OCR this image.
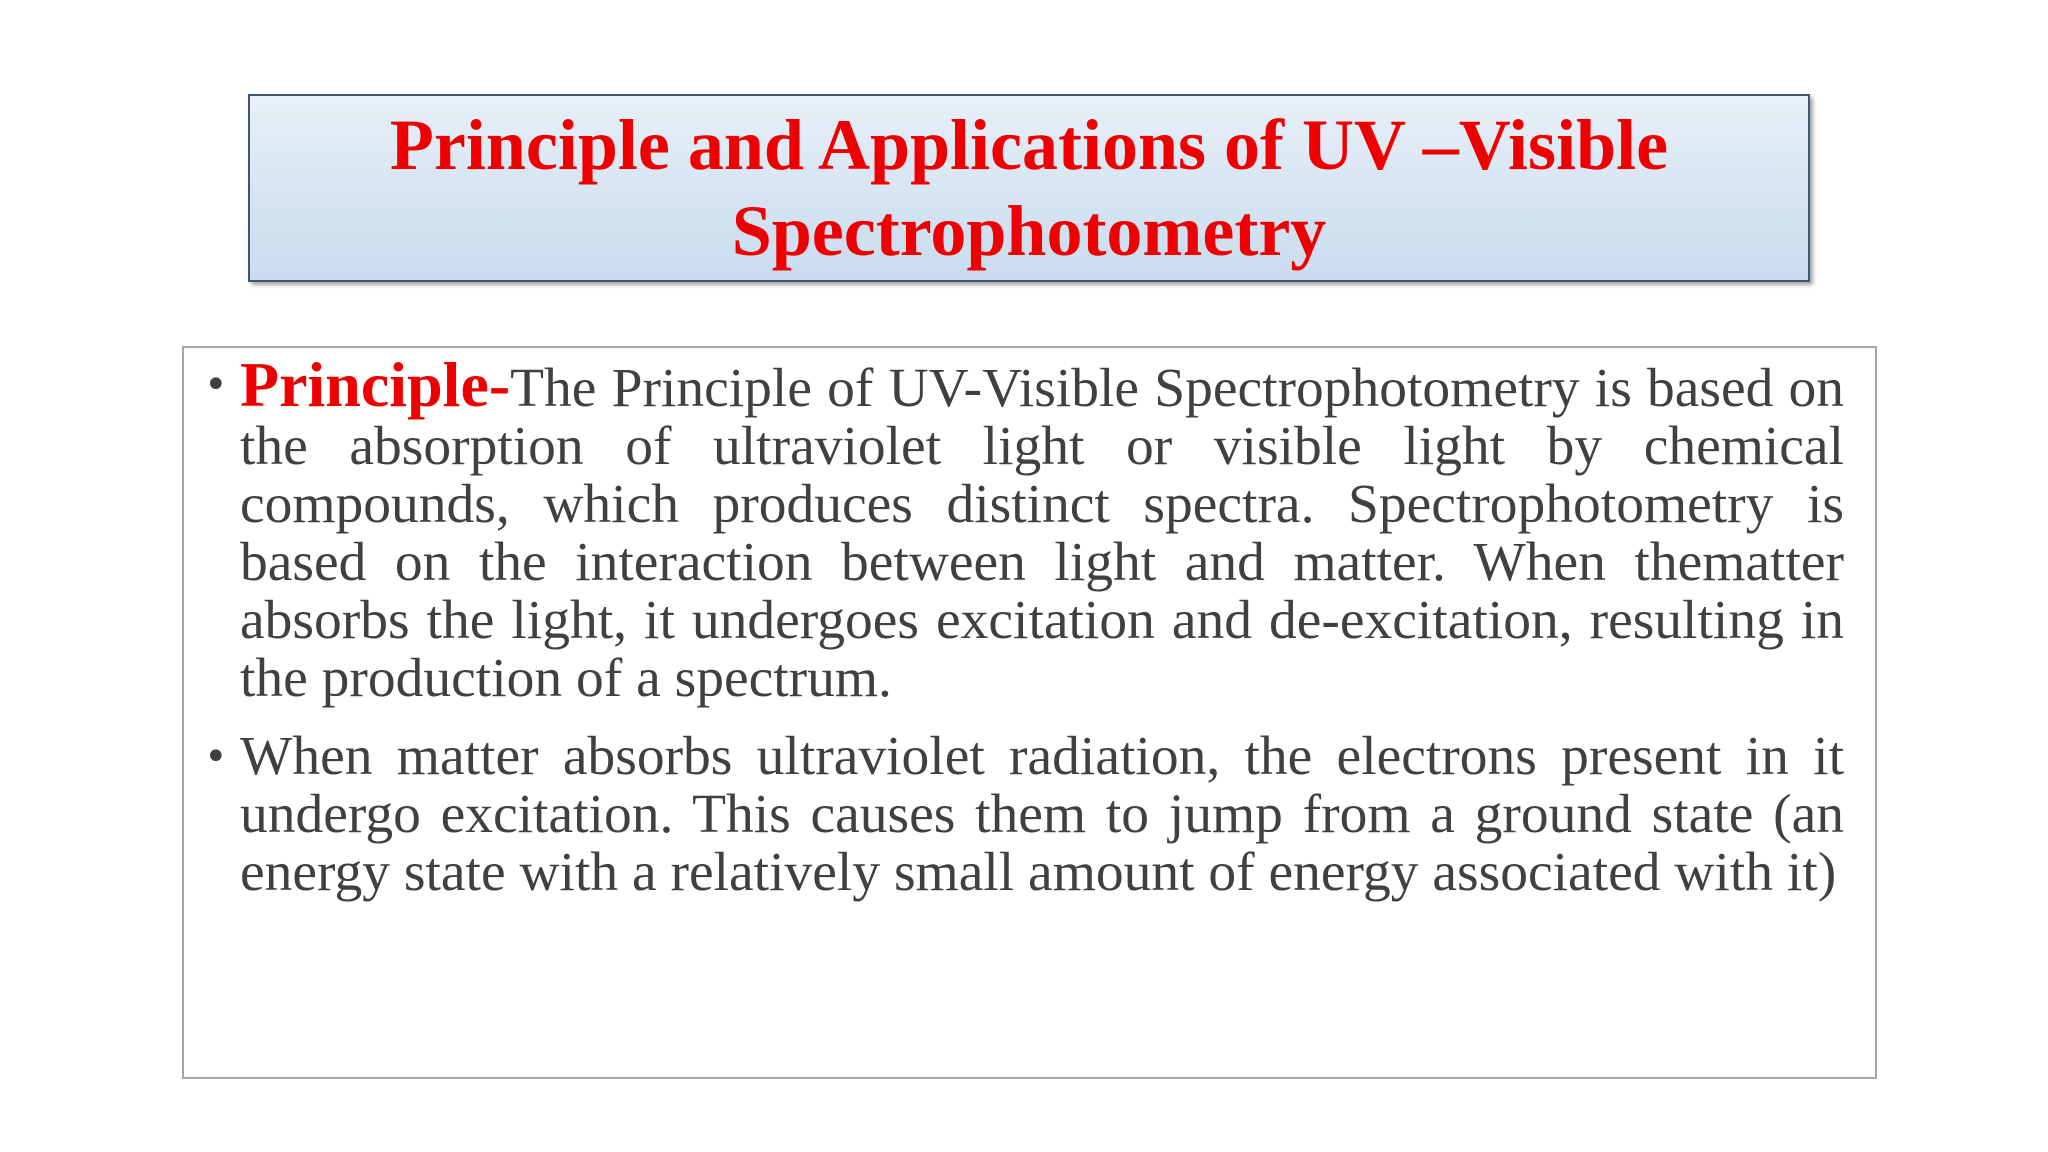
Principle and Applications of UV –Visible Spectrophotometry
• Principle-The Principle of UV-Visible Spectrophotometry is based on the absorption of ultraviolet light or visible light by chemical compounds, which produces distinct spectra. Spectrophotometry is based on the interaction between light and matter. When thematter absorbs the light, it undergoes excitation and de-excitation, resulting in the production of a spectrum.
• When matter absorbs ultraviolet radiation, the electrons present in it undergo excitation. This causes them to jump from a ground state (an energy state with a relatively small amount of energy associated with it)
